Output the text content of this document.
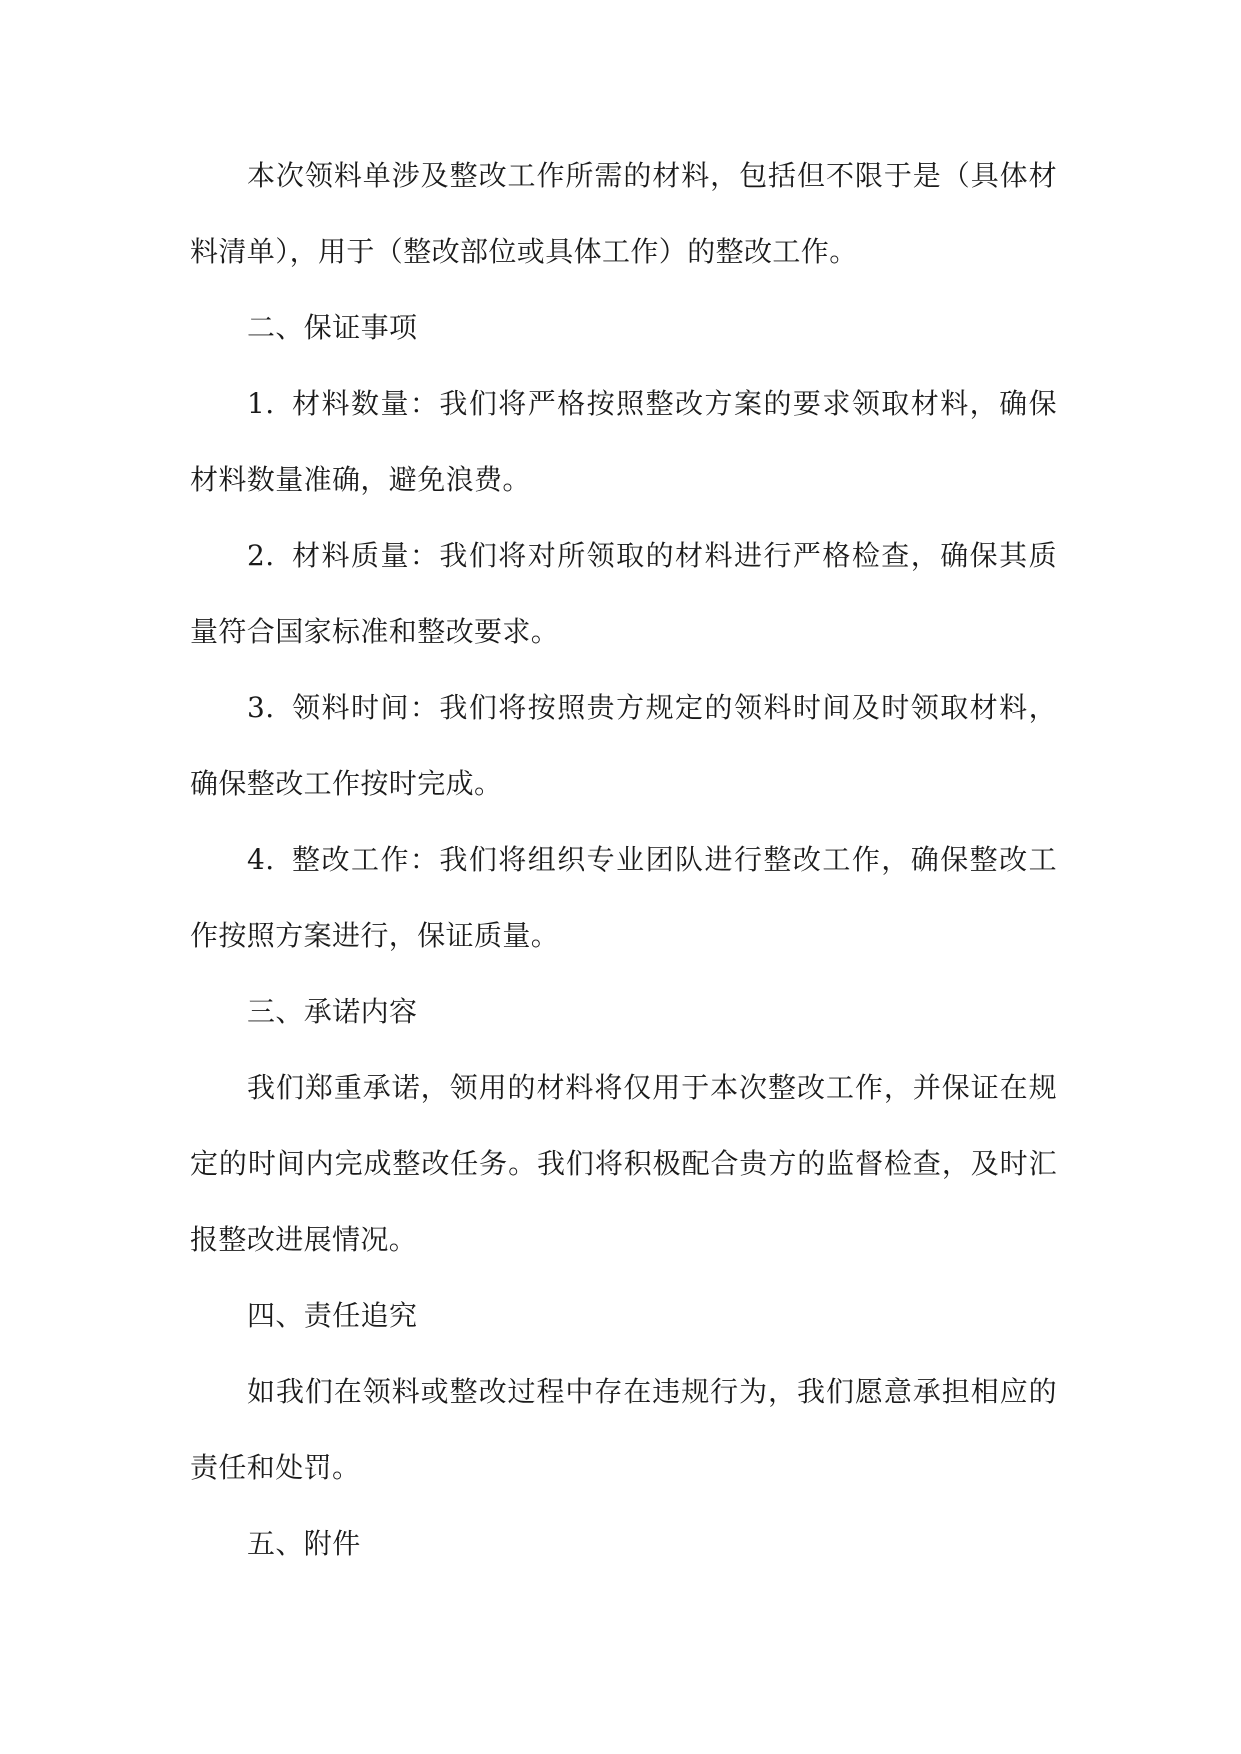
本次领料单涉及整改工作所需的材料，包括但不限于是（具体材料清单），用于（整改部位或具体工作）的整改工作。

二、保证事项

1. 材料数量：我们将严格按照整改方案的要求领取材料，确保材料数量准确，避免浪费。

2. 材料质量：我们将对所领取的材料进行严格检查，确保其质量符合国家标准和整改要求。

3. 领料时间：我们将按照贵方规定的领料时间及时领取材料，确保整改工作按时完成。

4. 整改工作：我们将组织专业团队进行整改工作，确保整改工作按照方案进行，保证质量。

三、承诺内容

我们郑重承诺，领用的材料将仅用于本次整改工作，并保证在规定的时间内完成整改任务。我们将积极配合贵方的监督检查，及时汇报整改进展情况。

四、责任追究

如我们在领料或整改过程中存在违规行为，我们愿意承担相应的责任和处罚。

五、附件
